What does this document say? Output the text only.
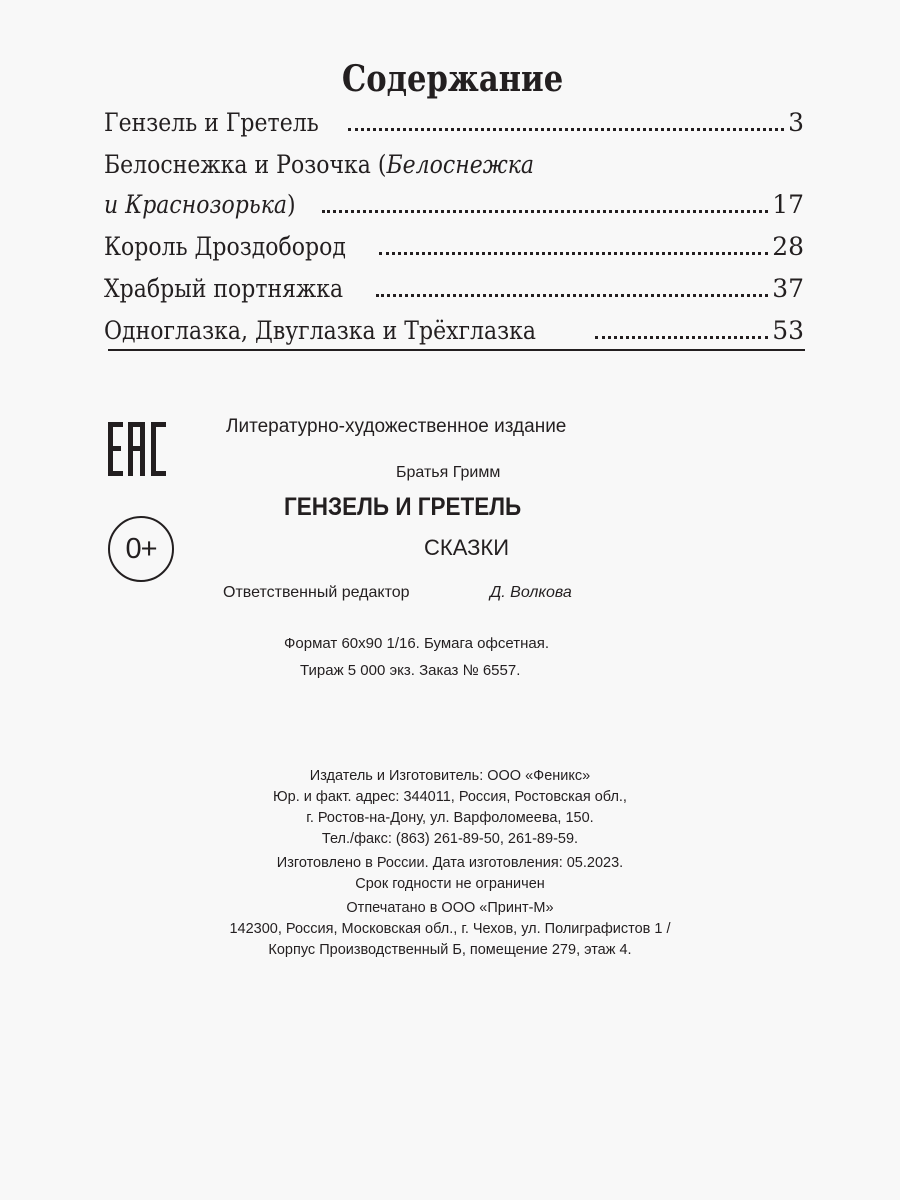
Содержание
Гензель и Гретель	3
Белоснежка и Розочка (Белоснежка
и Краснозорька)	17
Король Дроздобород	28
Храбрый портняжка	37
Одноглазка, Двуглазка и Трёхглазка	53
0+
Литературно-художественное издание
Братья Гримм
ГЕНЗЕЛЬ И ГРЕТЕЛЬ
СКАЗКИ
Ответственный редактор	Д. Волкова
Формат 60х90 1/16. Бумага офсетная.
Тираж 5 000 экз. Заказ № 6557.
Издатель и Изготовитель: ООО «Феникс»
Юр. и факт. адрес: 344011, Россия, Ростовская обл.,
г. Ростов-на-Дону, ул. Варфоломеева, 150.
Тел./факс: (863) 261-89-50, 261-89-59.
Изготовлено в России. Дата изготовления: 05.2023.
Срок годности не ограничен
Отпечатано в ООО «Принт-М»
142300, Россия, Московская обл., г. Чехов, ул. Полиграфистов 1 /
Корпус Производственный Б, помещение 279, этаж 4.
